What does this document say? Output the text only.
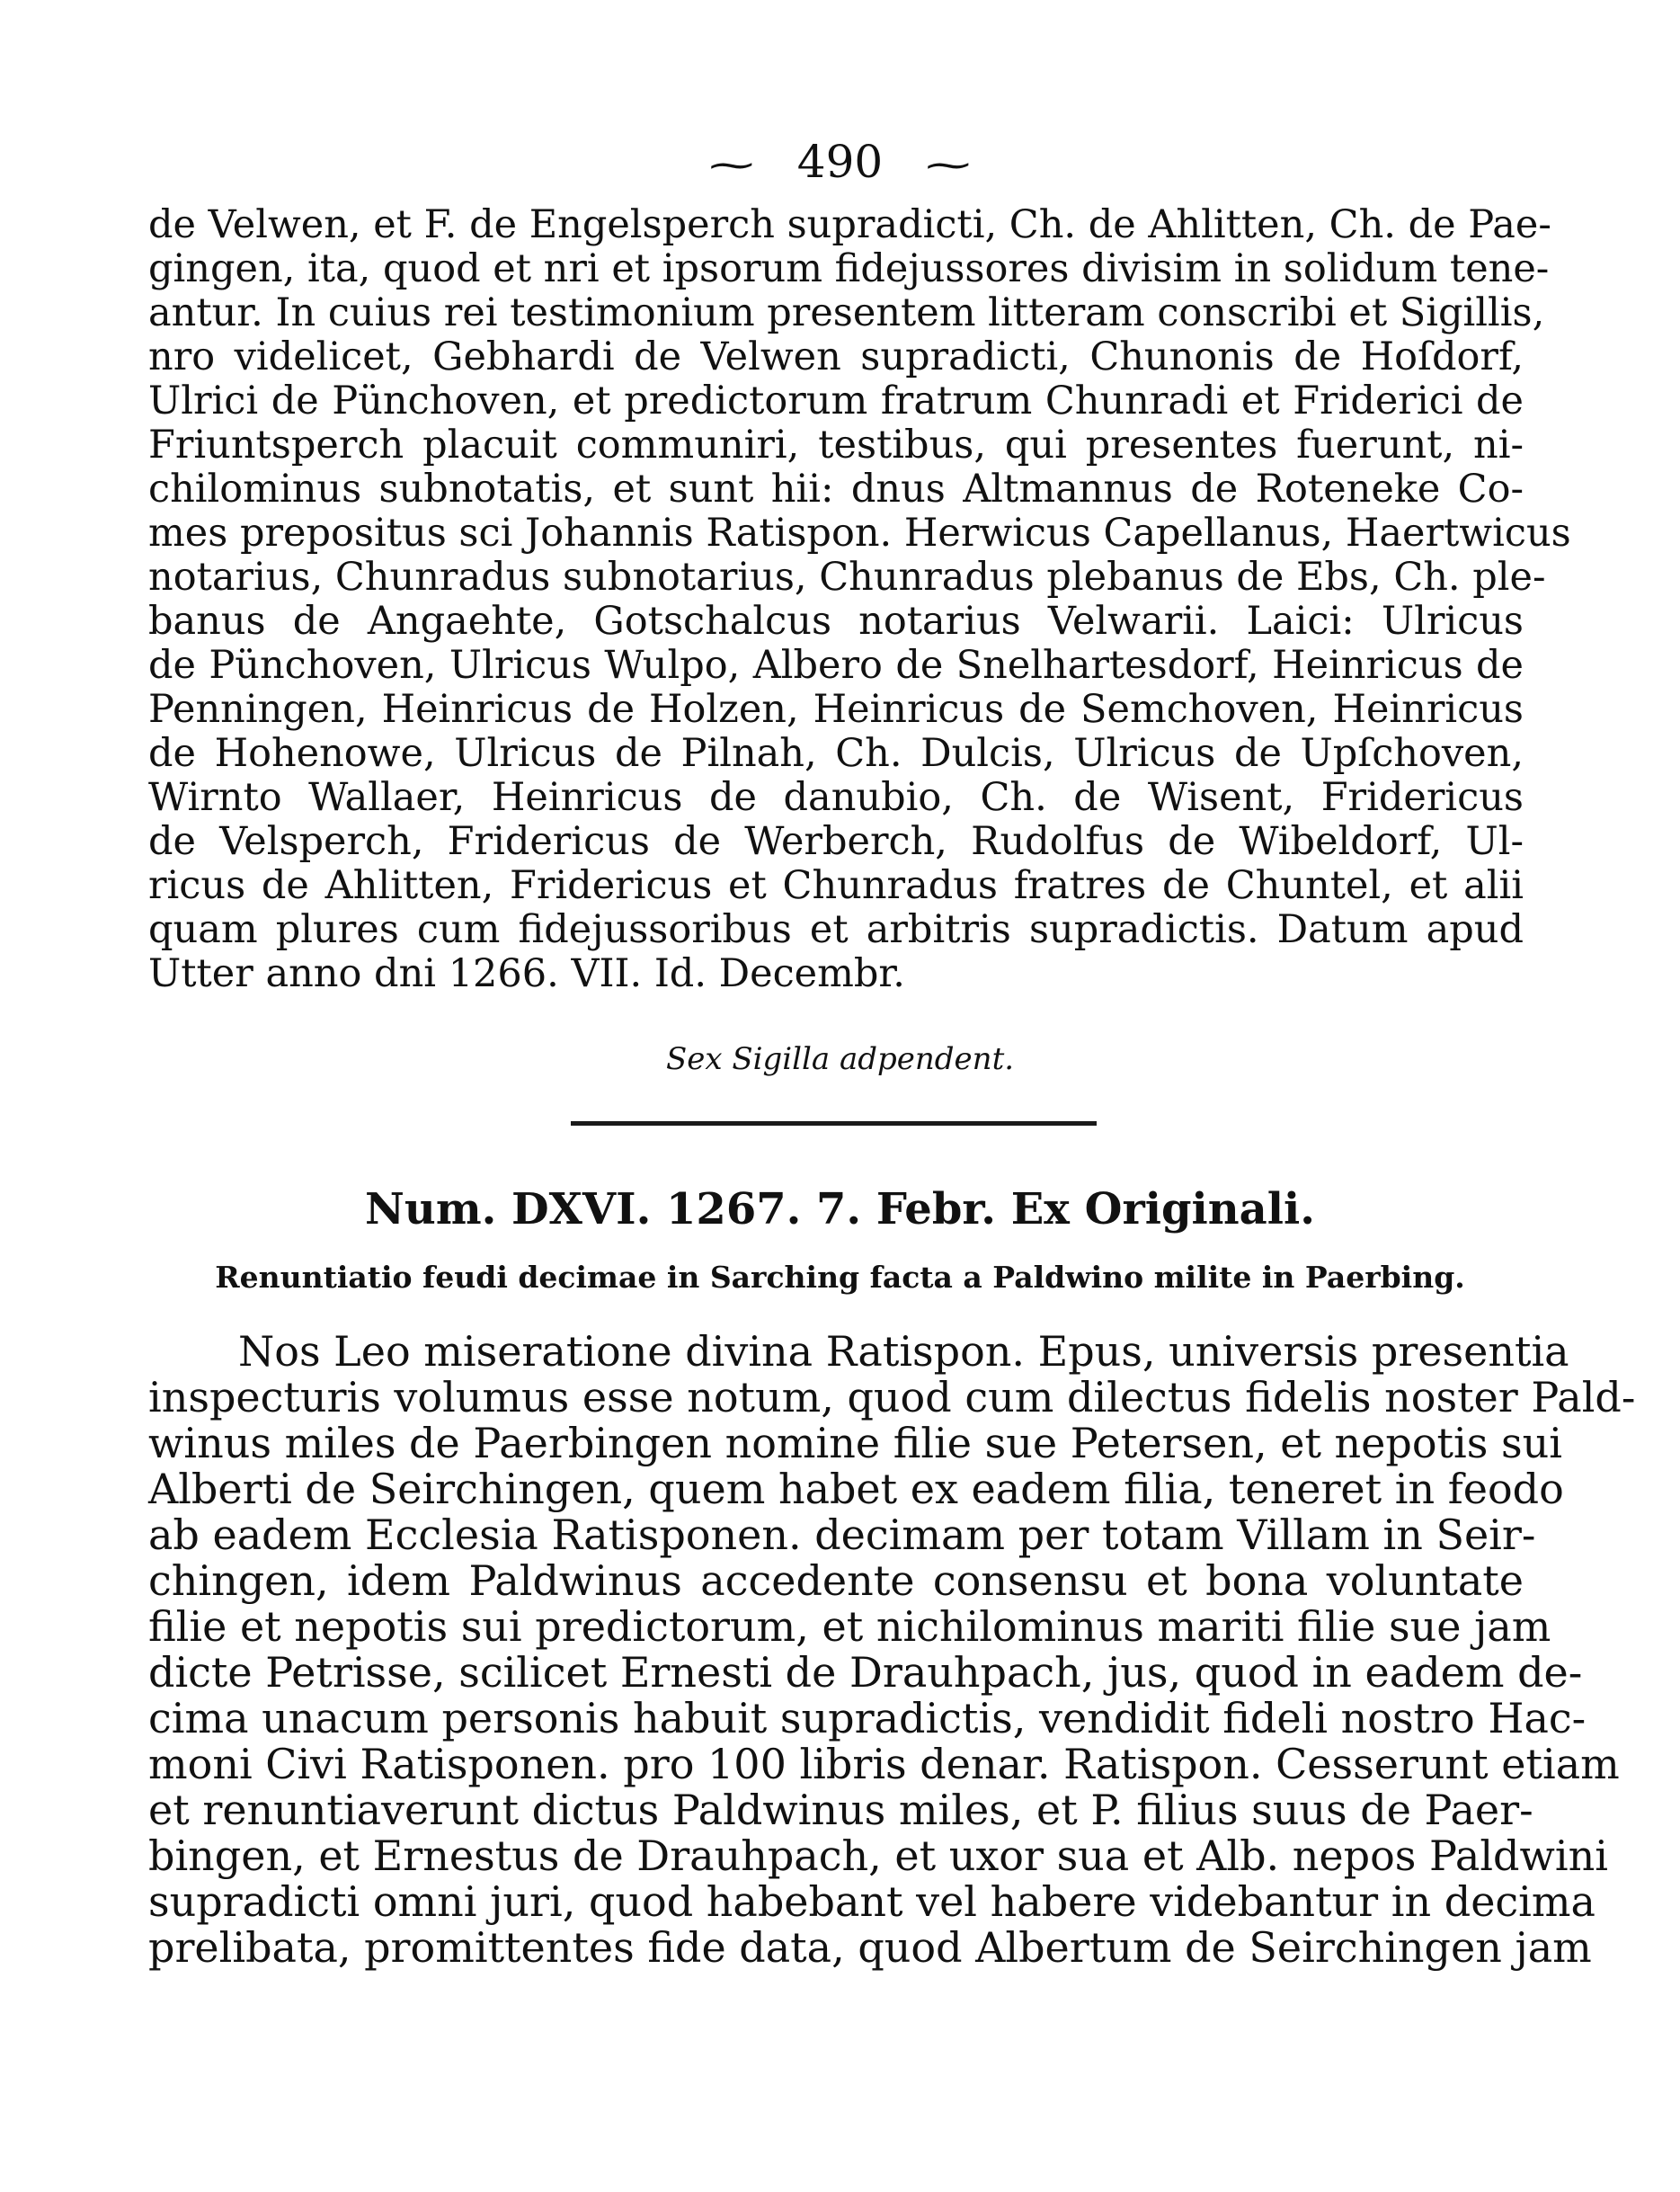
~ 490 ~
de Velwen, et F. de Engelsperch supradicti, Ch. de Ahlitten, Ch. de Pae-
gingen, ita, quod et nri et ipsorum fidejussores divisim in solidum tene-
antur. In cuius rei testimonium presentem litteram conscribi et Sigillis,
nro videlicet, Gebhardi de Velwen supradicti, Chunonis de Hoſdorf,
Ulrici de Pünchoven, et predictorum fratrum Chunradi et Friderici de
Friuntsperch placuit communiri, testibus, qui presentes fuerunt, ni-
chilominus subnotatis, et sunt hii: dnus Altmannus de Roteneke Co-
mes prepositus sci Johannis Ratispon. Herwicus Capellanus, Haertwicus
notarius, Chunradus subnotarius, Chunradus plebanus de Ebs, Ch. ple-
banus de Angaehte, Gotschalcus notarius Velwarii. Laici: Ulricus
de Pünchoven, Ulricus Wulpo, Albero de Snelhartesdorf, Heinricus de
Penningen, Heinricus de Holzen, Heinricus de Semchoven, Heinricus
de Hohenowe, Ulricus de Pilnah, Ch. Dulcis, Ulricus de Upſchoven,
Wirnto Wallaer, Heinricus de danubio, Ch. de Wisent, Fridericus
de Velsperch, Fridericus de Werberch, Rudolfus de Wibeldorf, Ul-
ricus de Ahlitten, Fridericus et Chunradus fratres de Chuntel, et alii
quam plures cum fidejussoribus et arbitris supradictis. Datum apud
Utter anno dni 1266. VII. Id. Decembr.
Sex Sigilla adpendent.
Num. DXVI. 1267. 7. Febr. Ex Originali.
Renuntiatio feudi decimae in Sarching facta a Paldwino milite in Paerbing.
Nos Leo miseratione divina Ratispon. Epus, universis presentia
inspecturis volumus esse notum, quod cum dilectus fidelis noster Pald-
winus miles de Paerbingen nomine filie sue Petersen, et nepotis sui
Alberti de Seirchingen, quem habet ex eadem filia, teneret in feodo
ab eadem Ecclesia Ratisponen. decimam per totam Villam in Seir-
chingen, idem Paldwinus accedente consensu et bona voluntate
filie et nepotis sui predictorum, et nichilominus mariti filie sue jam
dicte Petrisse, scilicet Ernesti de Drauhpach, jus, quod in eadem de-
cima unacum personis habuit supradictis, vendidit fideli nostro Hac-
moni Civi Ratisponen. pro 100 libris denar. Ratispon. Cesserunt etiam
et renuntiaverunt dictus Paldwinus miles, et P. filius suus de Paer-
bingen, et Ernestus de Drauhpach, et uxor sua et Alb. nepos Paldwini
supradicti omni juri, quod habebant vel habere videbantur in decima
prelibata, promittentes fide data, quod Albertum de Seirchingen jam
